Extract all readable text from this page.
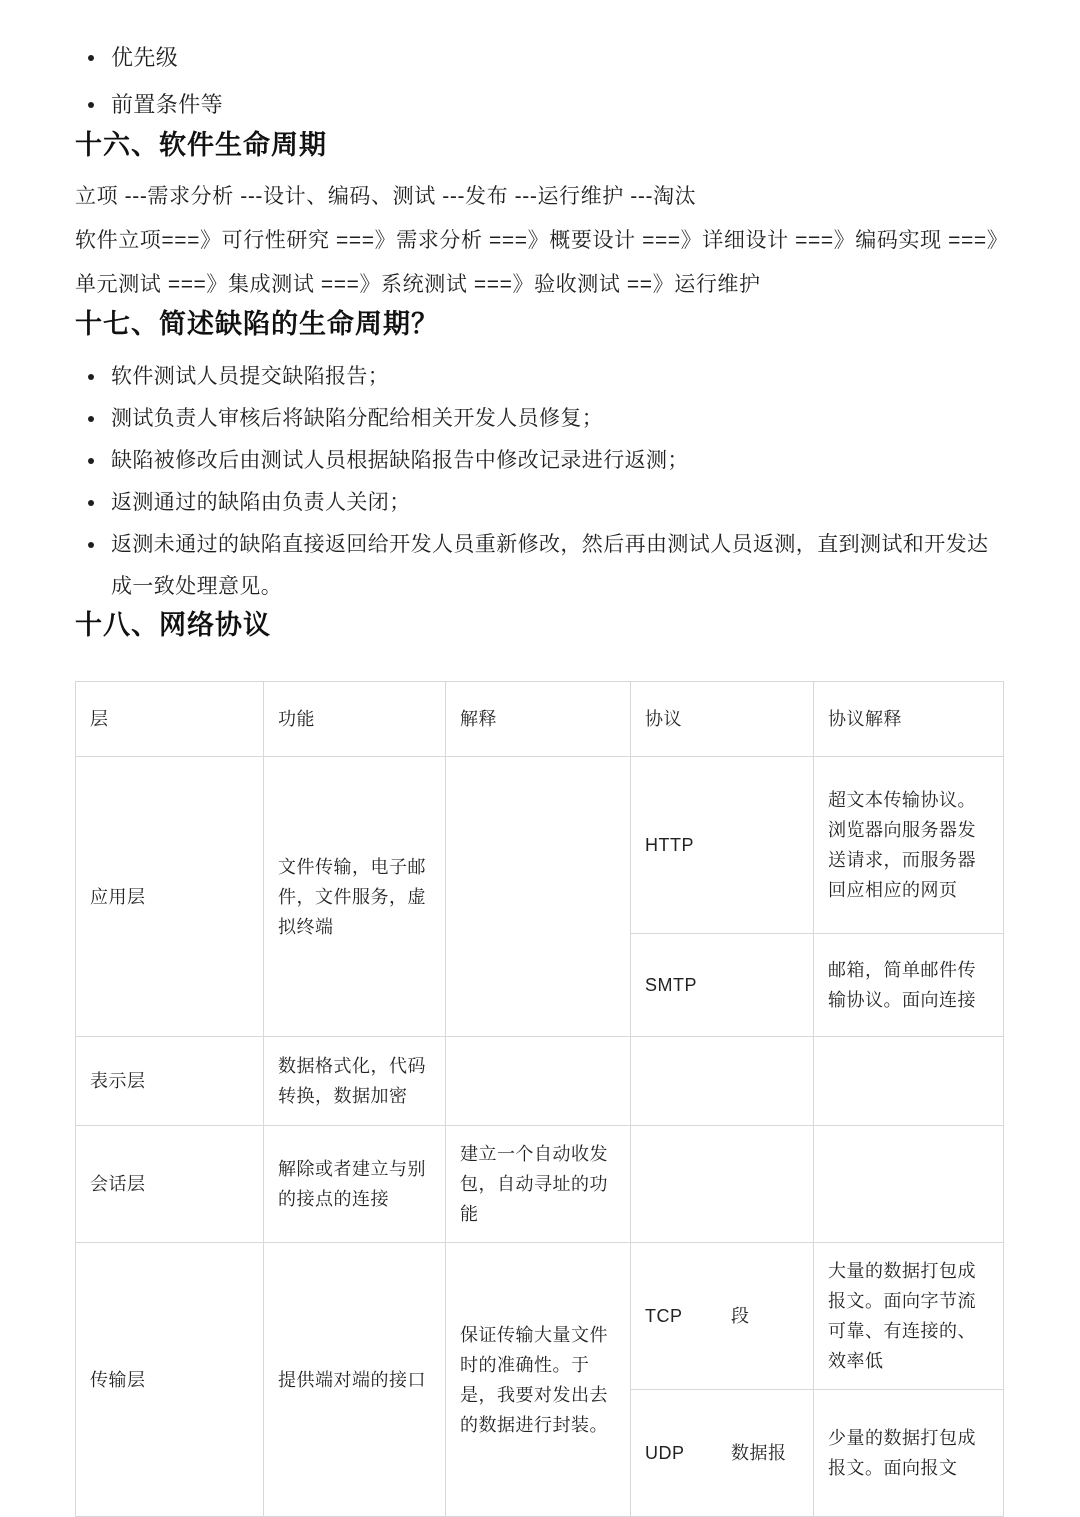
优先级
前置条件等
十六、软件生命周期

立项 ---需求分析 ---设计、编码、测试 ---发布 ---运行维护 ---淘汰

软件立项===》可行性研究 ===》需求分析 ===》概要设计 ===》详细设计 ===》编码实现 ===》单元测试 ===》集成测试 ===》系统测试 ===》验收测试 ==》运行维护

十七、简述缺陷的生命周期？
软件测试人员提交缺陷报告；
测试负责人审核后将缺陷分配给相关开发人员修复；
缺陷被修改后由测试人员根据缺陷报告中修改记录进行返测；
返测通过的缺陷由负责人关闭；
返测未通过的缺陷直接返回给开发人员重新修改，然后再由测试人员返测，直到测试和开发达成一致处理意见。
十八、网络协议
层	功能	解释	协议	协议解释
应用层	文件传输，电子邮件，文件服务，虚拟终端		HTTP	超文本传输协议。浏览器向服务器发送请求，而服务器回应相应的网页
			SMTP	邮箱，简单邮件传输协议。面向连接
表示层	数据格式化，代码转换，数据加密			
会话层	解除或者建立与别的接点的连接	建立一个自动收发包，自动寻址的功能		
传输层	提供端对端的接口	保证传输大量文件时的准确性。于是，我要对发出去的数据进行封装。	TCP 段	大量的数据打包成报文。面向字节流可靠、有连接的、效率低
			UDP 数据报	少量的数据打包成报文。面向报文
